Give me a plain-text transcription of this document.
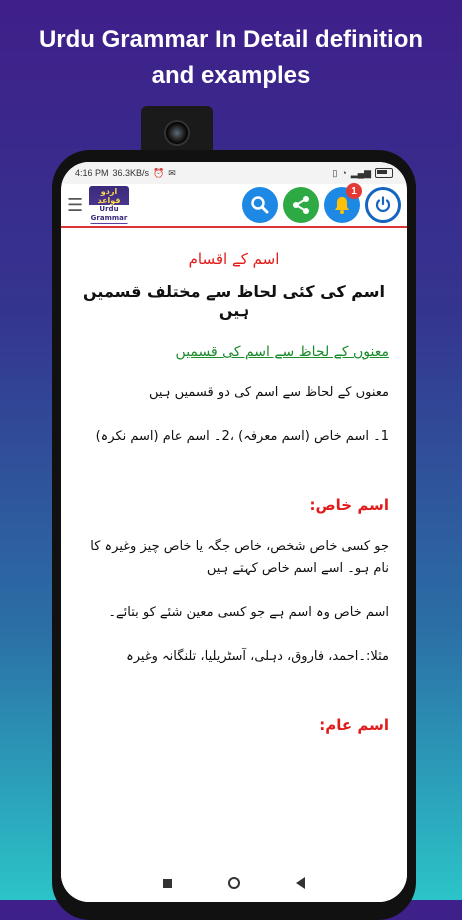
Urdu Grammar In Detail definition
and examples
4:16 PM 36.3KB/s ⏰ ✉	▯ ◔ ▂▄▆
☰
اردو قواعد
Urdu Grammar
1
اسم کے اقسام
اسم کی کئی لحاظ سے مختلف قسمیں ہیں
معنوں کے لحاظ سے اسم کی قسمیں
معنوں کے لحاظ سے اسم کی دو قسمیں ہیں
1۔ اسم خاص (اسم معرفہ) ،2۔ اسم عام (اسم نکرہ)
اسم خاص:
جو کسی خاص شخص، خاص جگہ یا خاص چیز وغیرہ کا نام ہو۔ اسے اسم خاص کہتے ہیں
اسم خاص وہ اسم ہے جو کسی معین شئے کو بتائے۔
مثلا:۔احمد، فاروق، دہلی، آسٹریلیا، تلنگانہ وغیرہ
اسم عام:
